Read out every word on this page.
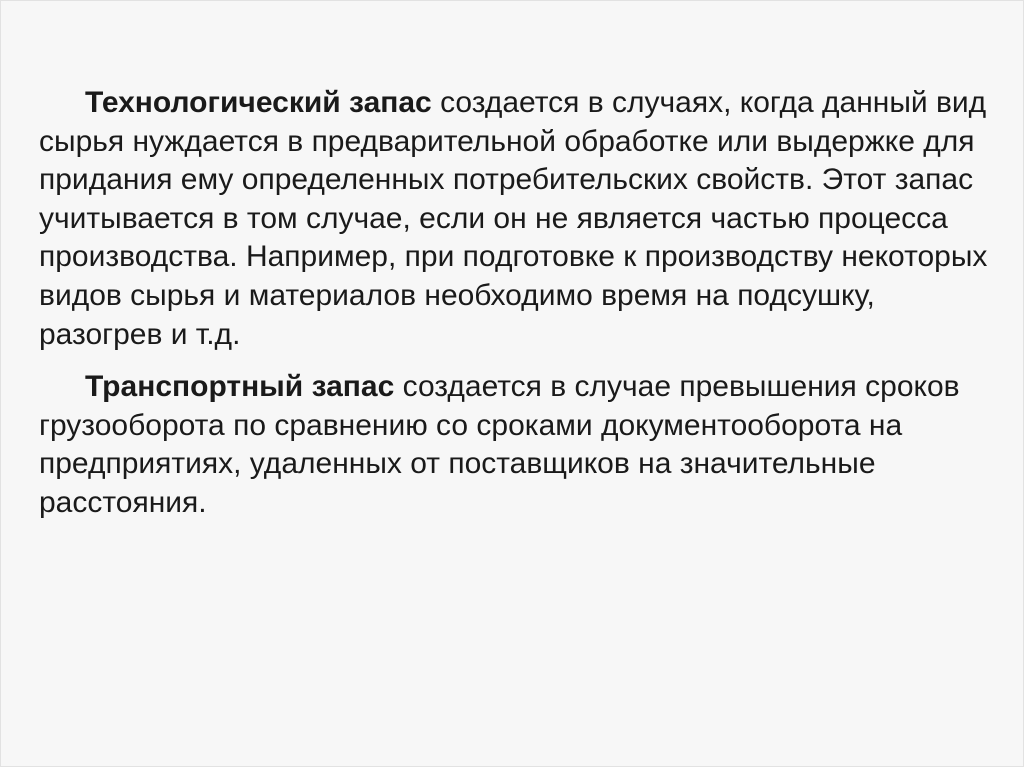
Технологический запас создается в случаях, когда данный вид сырья нуждается в предварительной обработке или выдержке для придания ему определенных потребительских свойств. Этот запас учитывается в том случае, если он не является частью процесса производства. Например, при подготовке к производству некоторых видов сырья и материалов необходимо время на подсушку, разогрев и т.д.

Транспортный запас создается в случае превышения сроков грузооборота по сравнению со сроками документооборота на предприятиях, удаленных от поставщиков на значительные расстояния.
